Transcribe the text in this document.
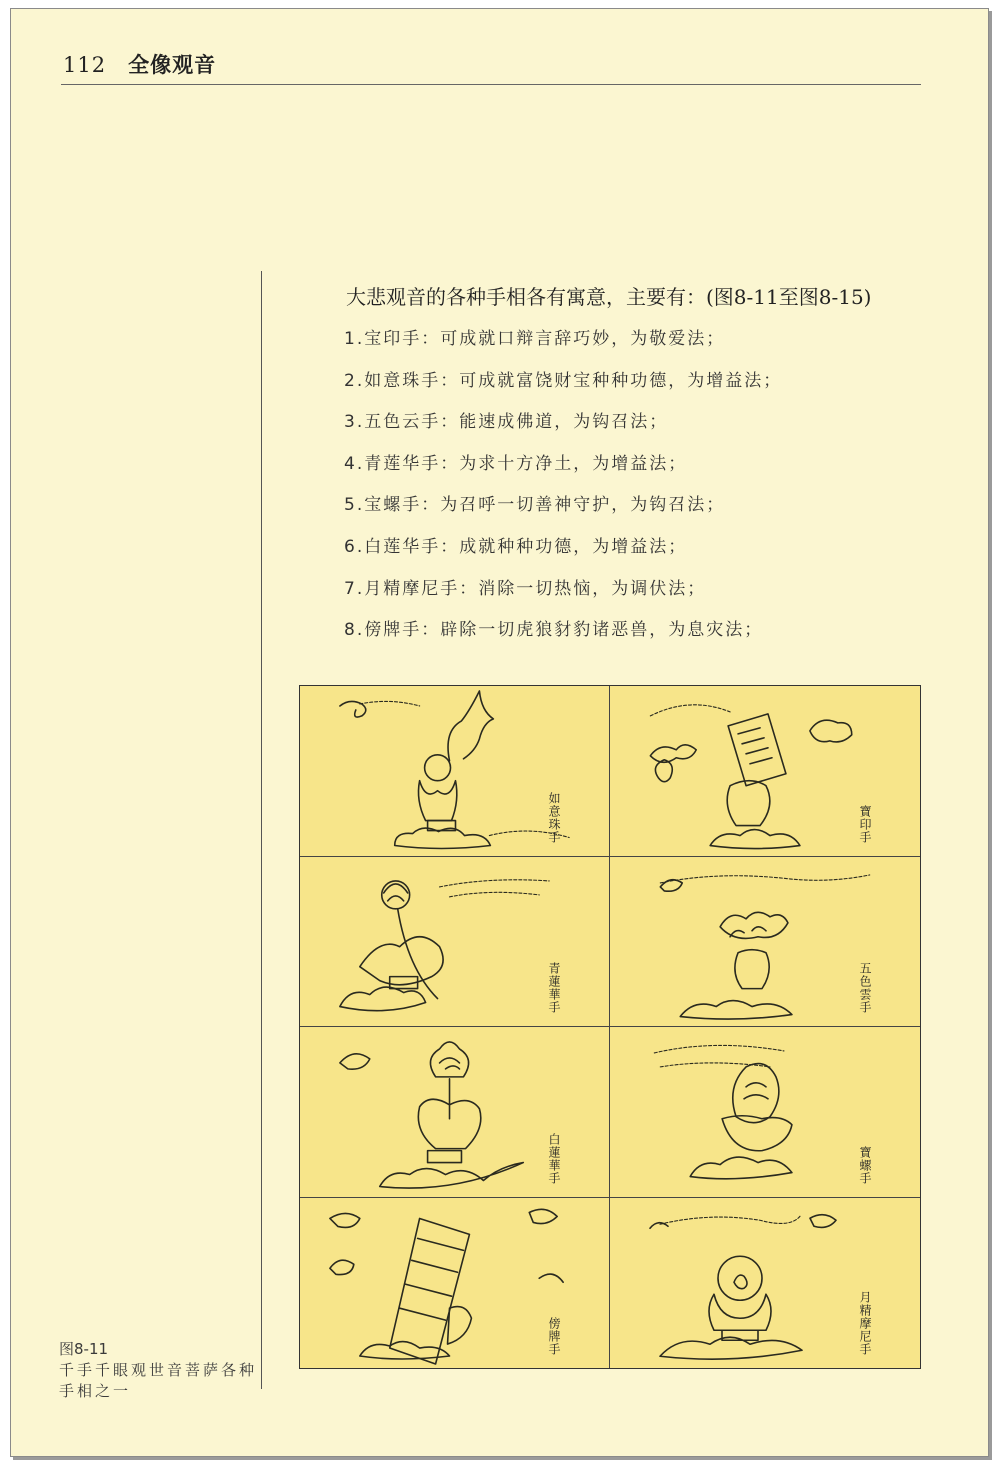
112 全像观音
大悲观音的各种手相各有寓意，主要有：(图8-11至图8-15)
1.宝印手：可成就口辩言辞巧妙，为敬爱法；
2.如意珠手：可成就富饶财宝种种功德，为增益法；
3.五色云手：能速成佛道，为钩召法；
4.青莲华手：为求十方净土，为增益法；
5.宝螺手：为召呼一切善神守护，为钩召法；
6.白莲华手：成就种种功德，为增益法；
7.月精摩尼手：消除一切热恼，为调伏法；
8.傍牌手：辟除一切虎狼豺豹诸恶兽，为息灾法；
如意珠手	寶印手
青蓮華手	五色雲手
白蓮華手	寶螺手
傍牌手	月精摩尼手
图8-11
千手千眼观世音菩萨各种手相之一
